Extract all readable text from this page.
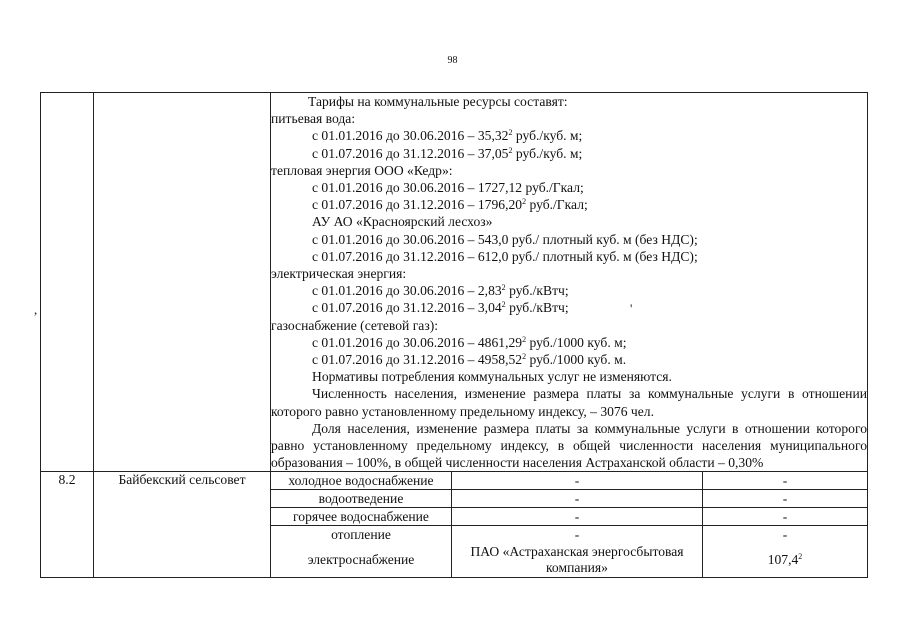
98
,	'

Тарифы на коммунальные ресурсы составят:
питьевая вода:
с 01.01.2016 до 30.06.2016 – 35,32$^2$ руб./куб. м;
с 01.07.2016 до 31.12.2016 – 37,05$^2$ руб./куб. м;
тепловая энергия ООО «Кедр»:
с 01.01.2016 до 30.06.2016 – 1727,12 руб./Гкал;
с 01.07.2016 до 31.12.2016 – 1796,20$^2$ руб./Гкал;
АУ АО «Красноярский лесхоз»
с 01.01.2016 до 30.06.2016 – 543,0 руб./ плотный куб. м (без НДС);
с 01.07.2016 до 31.12.2016 – 612,0 руб./ плотный куб. м (без НДС);
электрическая энергия:
с 01.01.2016 до 30.06.2016 – 2,83$^2$ руб./кВтч;
с 01.07.2016 до 31.12.2016 – 3,04$^2$ руб./кВтч;
газоснабжение (сетевой газ):
с 01.01.2016 до 30.06.2016 – 4861,29$^2$ руб./1000 куб. м;
с 01.07.2016 до 31.12.2016 – 4958,52$^2$ руб./1000 куб. м.
Нормативы потребления коммунальных услуг не изменяются.
Численность населения, изменение размера платы за коммунальные услуги в отношении которого равно установленному предельному индексу, – 3076 чел.
Доля населения, изменение размера платы за коммунальные услуги в отношении которого равно установленному предельному индексу, в общей численности населения муниципального образования – 100%, в общей численности населения Астраханской области – 0,30%

8.2	Байбекский сельсовет		холодное водоснабжение	-	-
водоотведение	-	-
горячее водоснабжение	-	-
отопление	-	-
электроснабжение	ПАО «Астраханская энергосбытовая компания»	107,4$^2$
